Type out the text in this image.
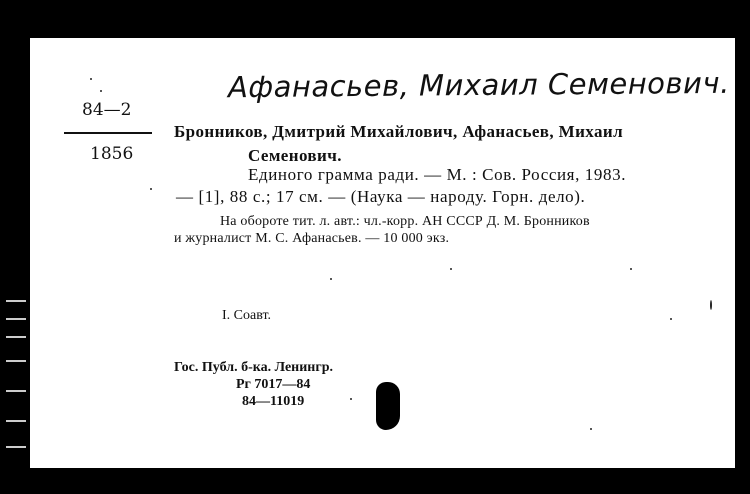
Афанасьев, Михаил Семенович.
84—2
1856
Бронников, Дмитрий Михайлович, Афанасьев, Михаил
Семенович.
Единого грамма ради. — М. : Сов. Россия, 1983.
— [1], 88 с.; 17 см. — (Наука — народу. Горн. дело).
На обороте тит. л. авт.: чл.-корр. АН СССР Д. М. Бронников
и журналист М. С. Афанасьев. — 10 000 экз.
I. Соавт.
Гос. Публ. б-ка. Ленингр.
Рг 7017—84
84—11019
